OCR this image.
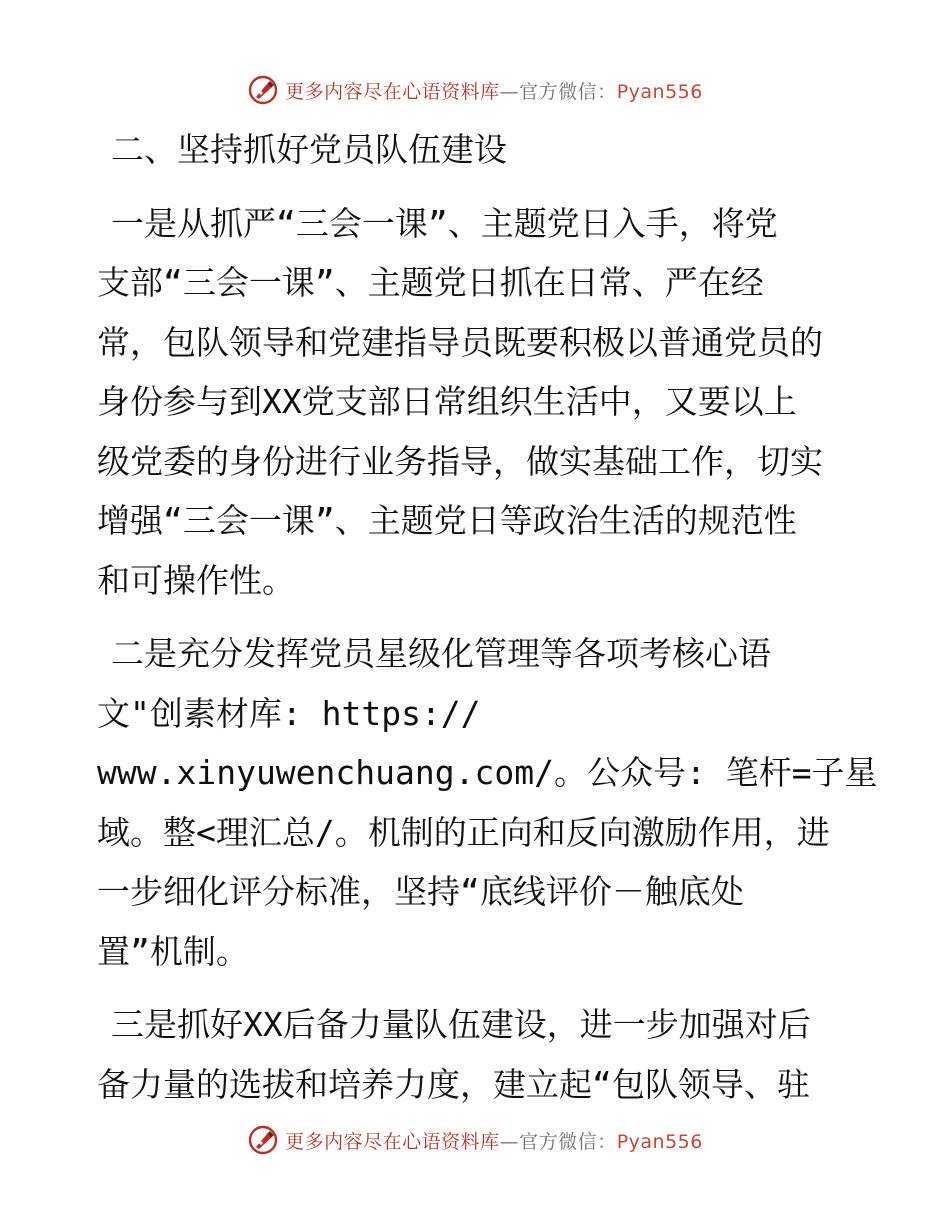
更多内容尽在心语资料库—官方微信：Pyan556
二、坚持抓好党员队伍建设
一是从抓严“三会一课”、主题党日入手，将党
支部“三会一课”、主题党日抓在日常、严在经
常，包队领导和党建指导员既要积极以普通党员的
身份参与到XX党支部日常组织生活中，又要以上
级党委的身份进行业务指导，做实基础工作，切实
增强“三会一课”、主题党日等政治生活的规范性
和可操作性。
二是充分发挥党员星级化管理等各项考核心语
文"创素材库: https://
www.xinyuwenchuang.com/。公众号: 笔杆=子星
域。整<理汇总/。机制的正向和反向激励作用，进
一步细化评分标准，坚持“底线评价－触底处
置”机制。
三是抓好XX后备力量队伍建设，进一步加强对后
备力量的选拔和培养力度，建立起“包队领导、驻
更多内容尽在心语资料库—官方微信：Pyan556
